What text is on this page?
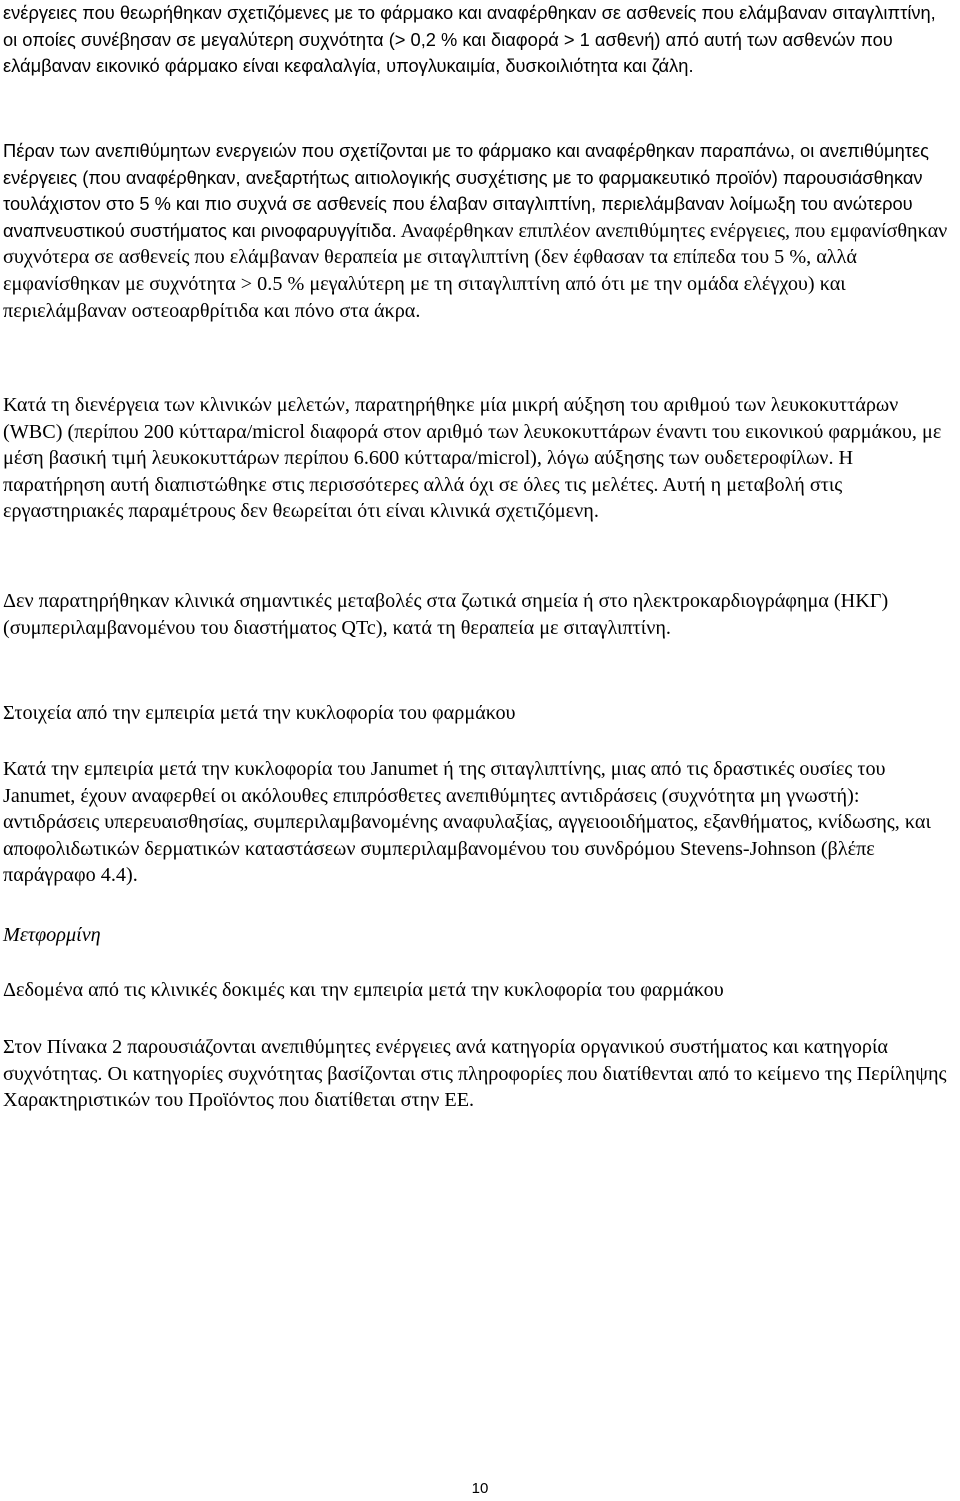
ενέργειες που θεωρήθηκαν σχετιζόμενες με το φάρμακο και αναφέρθηκαν σε ασθενείς που ελάμβαναν σιταγλιπτίνη, οι οποίες συνέβησαν σε μεγαλύτερη συχνότητα (> 0,2 % και διαφορά > 1 ασθενή) από αυτή των ασθενών που ελάμβαναν εικονικό φάρμακο είναι κεφαλαλγία, υπογλυκαιμία, δυσκοιλιότητα και ζάλη.

Πέραν των ανεπιθύμητων ενεργειών που σχετίζονται με το φάρμακο και αναφέρθηκαν παραπάνω, οι ανεπιθύμητες ενέργειες (που αναφέρθηκαν, ανεξαρτήτως αιτιολογικής συσχέτισης με το φαρμακευτικό προϊόν) παρουσιάσθηκαν τουλάχιστον στο 5 % και πιο συχνά σε ασθενείς που έλαβαν σιταγλιπτίνη, περιελάμβαναν λοίμωξη του ανώτερου αναπνευστικού συστήματος και ρινοφαρυγγίτιδα. Αναφέρθηκαν επιπλέον ανεπιθύμητες ενέργειες, που εμφανίσθηκαν συχνότερα σε ασθενείς που ελάμβαναν θεραπεία με σιταγλιπτίνη (δεν έφθασαν τα επίπεδα του 5 %, αλλά εμφανίσθηκαν με συχνότητα > 0.5 % μεγαλύτερη με τη σιταγλιπτίνη από ότι με την ομάδα ελέγχου) και περιελάμβαναν οστεοαρθρίτιδα και πόνο στα άκρα.

Κατά τη διενέργεια των κλινικών μελετών, παρατηρήθηκε μία μικρή αύξηση του αριθμού των λευκοκυττάρων (WBC) (περίπου 200 κύτταρα/microl διαφορά στον αριθμό των λευκοκυττάρων έναντι του εικονικού φαρμάκου, με μέση βασική τιμή λευκοκυττάρων περίπου 6.600 κύτταρα/microl), λόγω αύξησης των ουδετεροφίλων. Η παρατήρηση αυτή διαπιστώθηκε στις περισσότερες αλλά όχι σε όλες τις μελέτες. Αυτή η μεταβολή στις εργαστηριακές παραμέτρους δεν θεωρείται ότι είναι κλινικά σχετιζόμενη.

Δεν παρατηρήθηκαν κλινικά σημαντικές μεταβολές στα ζωτικά σημεία ή στο ηλεκτροκαρδιογράφημα (ΗΚΓ) (συμπεριλαμβανομένου του διαστήματος QTc), κατά τη θεραπεία με σιταγλιπτίνη.

Στοιχεία από την εμπειρία μετά την κυκλοφορία του φαρμάκου

Κατά την εμπειρία μετά την κυκλοφορία του Janumet ή της σιταγλιπτίνης, μιας από τις δραστικές ουσίες του Janumet, έχουν αναφερθεί οι ακόλουθες επιπρόσθετες ανεπιθύμητες αντιδράσεις (συχνότητα μη γνωστή): αντιδράσεις υπερευαισθησίας, συμπεριλαμβανομένης αναφυλαξίας, αγγειοοιδήματος, εξανθήματος, κνίδωσης, και αποφολιδωτικών δερματικών καταστάσεων συμπεριλαμβανομένου του συνδρόμου Stevens-Johnson (βλέπε παράγραφο 4.4).

Μετφορμίνη

Δεδομένα από τις κλινικές δοκιμές και την εμπειρία μετά την κυκλοφορία του φαρμάκου

Στον Πίνακα 2 παρουσιάζονται ανεπιθύμητες ενέργειες ανά κατηγορία οργανικού συστήματος και κατηγορία συχνότητας. Οι κατηγορίες συχνότητας βασίζονται στις πληροφορίες που διατίθενται από το κείμενο της Περίληψης Χαρακτηριστικών του Προϊόντος που διατίθεται στην ΕΕ.

10
